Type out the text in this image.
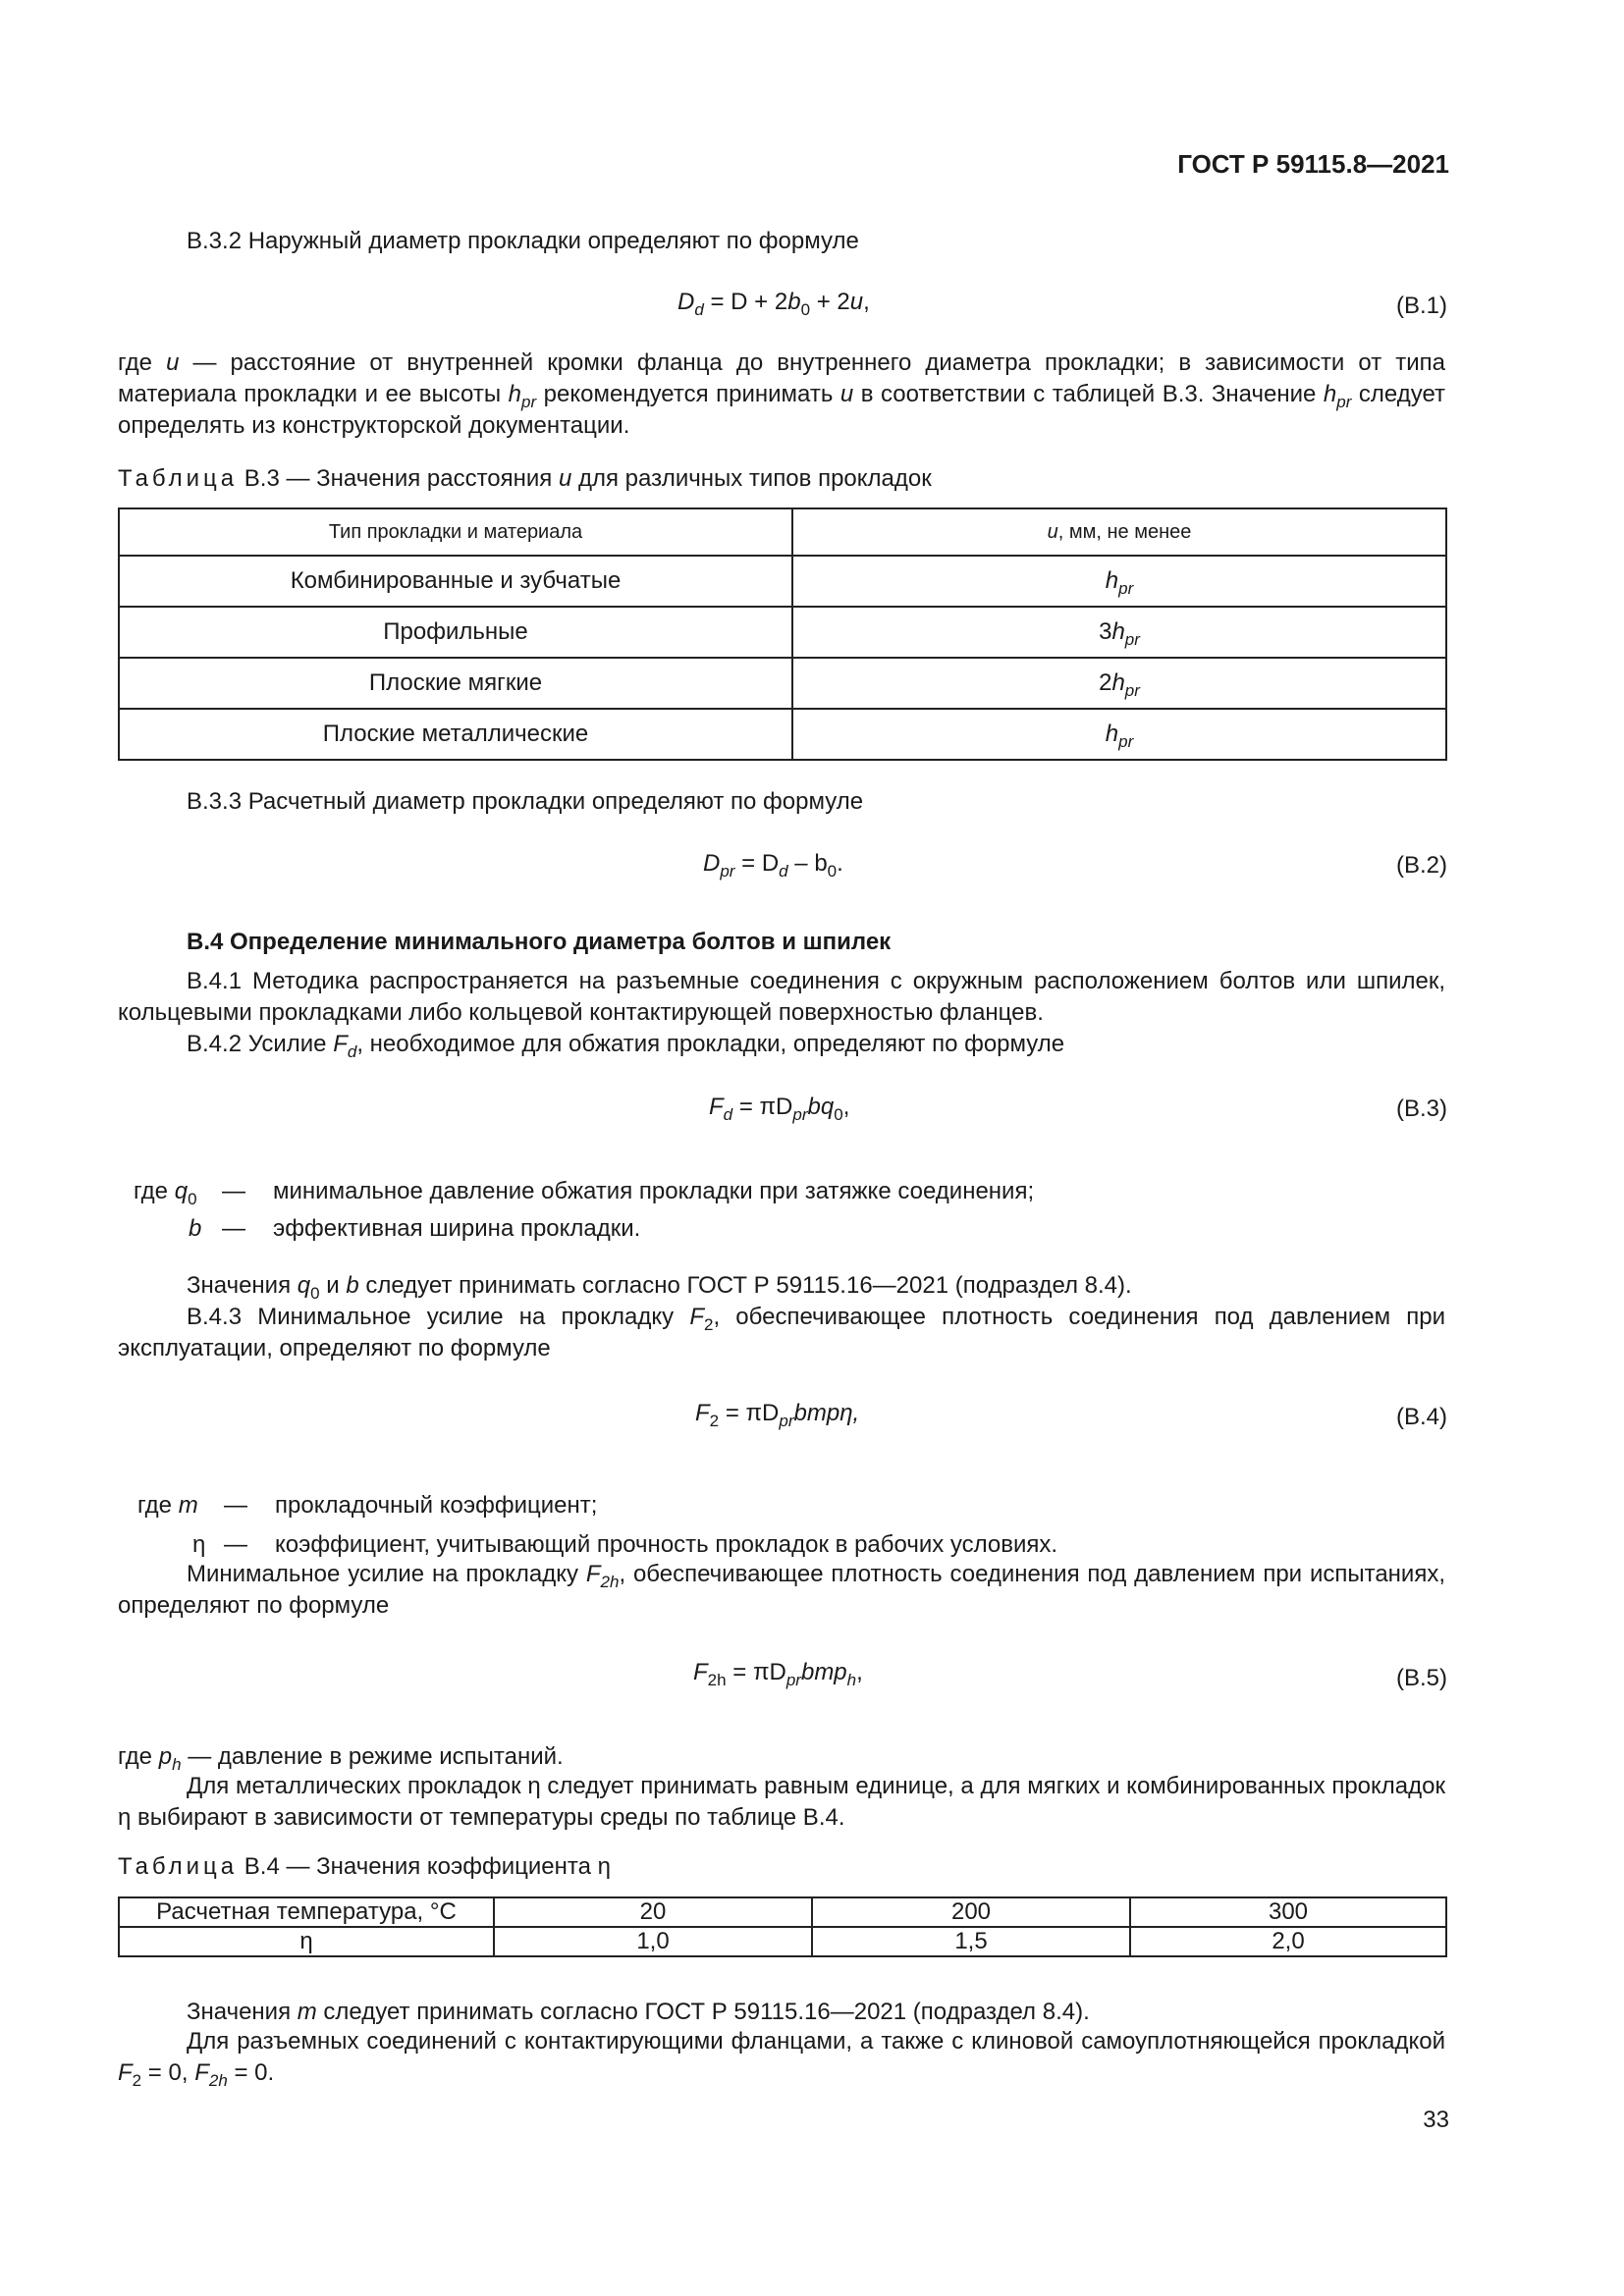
ГОСТ Р 59115.8—2021
В.3.2 Наружный диаметр прокладки определяют по формуле
$D_d = D + 2b_0 + 2u$,	(В.1)
где u — расстояние от внутренней кромки фланца до внутреннего диаметра прокладки; в зависимости от типа материала прокладки и ее высоты $h_{pr}$ рекомендуется принимать u в соответствии с таблицей В.3. Значение $h_{pr}$ следует определять из конструкторской документации.
Таблица В.3 — Значения расстояния u для различных типов прокладок
Тип прокладки и материала	u, мм, не менее
Комбинированные и зубчатые	$h_{pr}$
Профильные	$3h_{pr}$
Плоские мягкие	$2h_{pr}$
Плоские металлические	$h_{pr}$
В.3.3 Расчетный диаметр прокладки определяют по формуле
$D_{pr} = D_d - b_0$.	(В.2)
В.4 Определение минимального диаметра болтов и шпилек
В.4.1 Методика распространяется на разъемные соединения с окружным расположением болтов или шпилек, кольцевыми прокладками либо кольцевой контактирующей поверхностью фланцев.
В.4.2 Усилие $F_d$, необходимое для обжатия прокладки, определяют по формуле
$F_d = \pi D_{pr}bq_0$,	(В.3)
где $q_0$ — минимальное давление обжатия прокладки при затяжке соединения;
b — эффективная ширина прокладки.
Значения $q_0$ и b следует принимать согласно ГОСТ Р 59115.16—2021 (подраздел 8.4).
В.4.3 Минимальное усилие на прокладку $F_2$, обеспечивающее плотность соединения под давлением при эксплуатации, определяют по формуле
$F_2 = \pi D_{pr}bmp\eta$,	(В.4)
где m — прокладочный коэффициент;
η — коэффициент, учитывающий прочность прокладок в рабочих условиях.
Минимальное усилие на прокладку $F_{2h}$, обеспечивающее плотность соединения под давлением при испытаниях, определяют по формуле
$F_{2h} = \pi D_{pr}bmp_h$,	(В.5)
где $p_h$ — давление в режиме испытаний.
Для металлических прокладок η следует принимать равным единице, а для мягких и комбинированных прокладок η выбирают в зависимости от температуры среды по таблице В.4.
Таблица В.4 — Значения коэффициента η
Расчетная температура, °С	20	200	300
η	1,0	1,5	2,0
Значения m следует принимать согласно ГОСТ Р 59115.16—2021 (подраздел 8.4).
Для разъемных соединений с контактирующими фланцами, а также с клиновой самоуплотняющейся прокладкой $F_2 = 0$, $F_{2h} = 0$.
33
